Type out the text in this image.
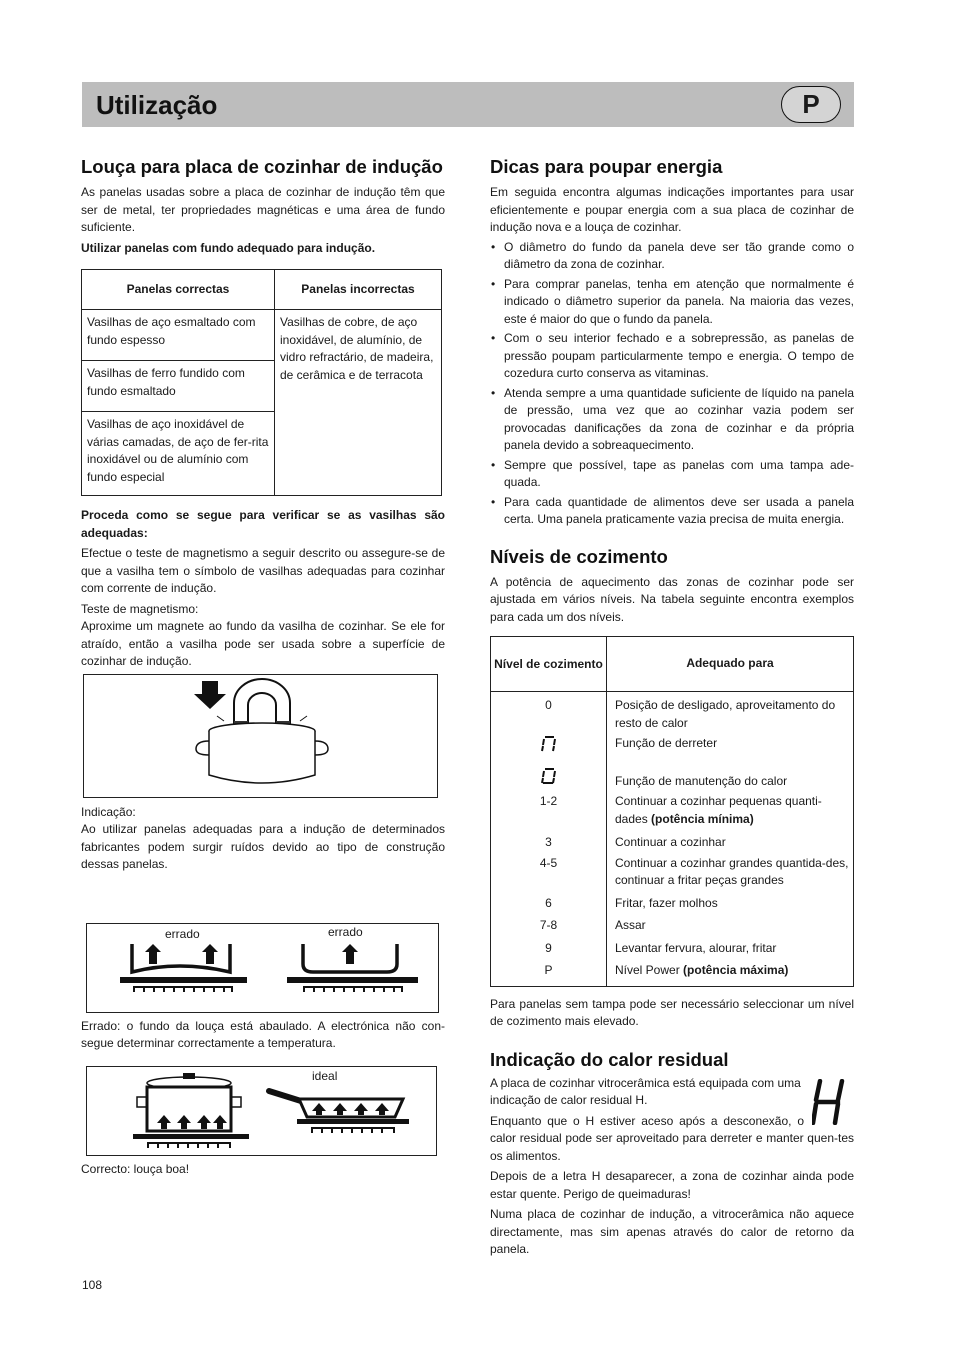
Utilização	P
Louça para placa de cozinhar de indução

As panelas usadas sobre a placa de cozinhar de indução têm que ser de metal, ter propriedades magnéticas e uma área de fundo suficiente.

Utilizar panelas com fundo adequado para indução.

Panelas correctas	Panelas incorrectas
Vasilhas de aço esmaltado com fundo espesso	Vasilhas de cobre, de aço inoxidável, de alumínio, de vidro refractário, de madeira, de cerâmica e de terracota
Vasilhas de ferro fundido com fundo esmaltado	
Vasilhas de aço inoxidável de várias camadas, de aço de fer-rita inoxidável ou de alumínio com fundo especial	

Proceda como se segue para verificar se as vasilhas são adequadas:

Efectue o teste de magnetismo a seguir descrito ou assegure-se de que a vasilha tem o símbolo de vasilhas adequadas para cozinhar com corrente de indução.

Teste de magnetismo:

Aproxime um magnete ao fundo da vasilha de cozinhar. Se ele for atraído, então a vasilha pode ser usada sobre a superfície de cozinhar de indução.

Indicação:

Ao utilizar panelas adequadas para a indução de determinados fabricantes podem surgir ruídos devido ao tipo de construção dessas panelas.

errado	errado

Errado: o fundo da louça está abaulado. A electrónica não con-segue determinar correctamente a temperatura.

ideal

Correcto: louça boa!

Dicas para poupar energia

Em seguida encontra algumas indicações importantes para usar eficientemente e poupar energia com a sua placa de cozinhar de indução nova e a louça de cozinhar.

• O diâmetro do fundo da panela deve ser tão grande como o diâmetro da zona de cozinhar.
• Para comprar panelas, tenha em atenção que normalmente é indicado o diâmetro superior da panela. Na maioria das vezes, este é maior do que o fundo da panela.
• Com o seu interior fechado e a sobrepressão, as panelas de pressão poupam particularmente tempo e energia. O tempo de cozedura curto conserva as vitaminas.
• Atenda sempre a uma quantidade suficiente de líquido na panela de pressão, uma vez que ao cozinhar vazia podem ser provocadas danificações da zona de cozinhar e da própria panela devido a sobreaquecimento.
• Sempre que possível, tape as panelas com uma tampa ade-quada.
• Para cada quantidade de alimentos deve ser usada a panela certa. Uma panela praticamente vazia precisa de muita energia.
Níveis de cozimento

A potência de aquecimento das zonas de cozinhar pode ser ajustada em vários níveis. Na tabela seguinte encontra exemplos para cada um dos níveis.

Nível de cozimento	Adequado para
0	Posição de desligado, aproveitamento do resto de calor
	Função de derreter
	Função de manutenção do calor
1-2	Continuar a cozinhar pequenas quanti-dades (potência mínima)
3	Continuar a cozinhar
4-5	Continuar a cozinhar grandes quantida-des, continuar a fritar peças grandes
6	Fritar, fazer molhos
7-8	Assar
9	Levantar fervura, alourar, fritar
P	Nível Power (potência máxima)

Para panelas sem tampa pode ser necessário seleccionar um nível de cozimento mais elevado.

Indicação do calor residual

A placa de cozinhar vitrocerâmica está equipada com uma indicação de calor residual H.

Enquanto que o H estiver aceso após a desconexão, o calor residual pode ser aproveitado para derreter e manter quen-tes os alimentos.

Depois de a letra H desaparecer, a zona de cozinhar ainda pode estar quente. Perigo de queimaduras!

Numa placa de cozinhar de indução, a vitrocerâmica não aquece directamente, mas sim apenas através do calor de retorno da panela.

108
